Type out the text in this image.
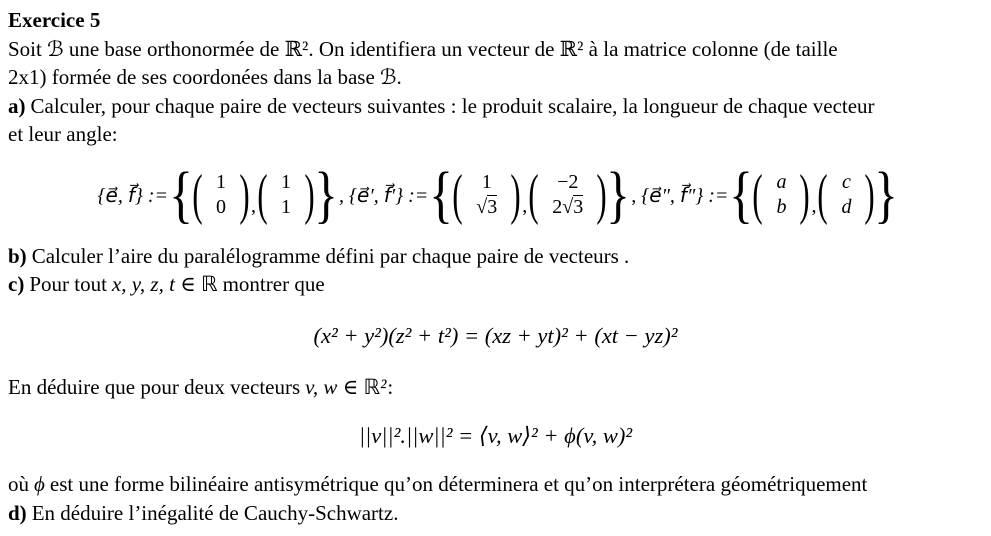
Exercice 5
Soit ℬ une base orthonormée de ℝ². On identifiera un vecteur de ℝ² à la matrice colonne (de taille
2x1) formée de ses coordonées dans la base ℬ.
a) Calculer, pour chaque paire de vecteurs suivantes : le produit scalaire, la longueur de chaque vecteur
et leur angle:
{e⃗, f⃗} := { ( 1
0 ) , ( 1
1 ) } , {e⃗′, f⃗′} := { ( 1
√3 ) , ( −2
2√3 ) } , {e⃗″, f⃗″} := { ( a
b ) , ( c
d ) }
b) Calculer l’aire du paralélogramme défini par chaque paire de vecteurs .
c) Pour tout x, y, z, t ∈ ℝ montrer que
(x² + y²)(z² + t²) = (xz + yt)² + (xt − yz)²
En déduire que pour deux vecteurs v, w ∈ ℝ²:
||v||².||w||² = ⟨v, w⟩² + ϕ(v, w)²
où ϕ est une forme bilinéaire antisymétrique qu’on déterminera et qu’on interprétera géométriquement
d) En déduire l’inégalité de Cauchy-Schwartz.
